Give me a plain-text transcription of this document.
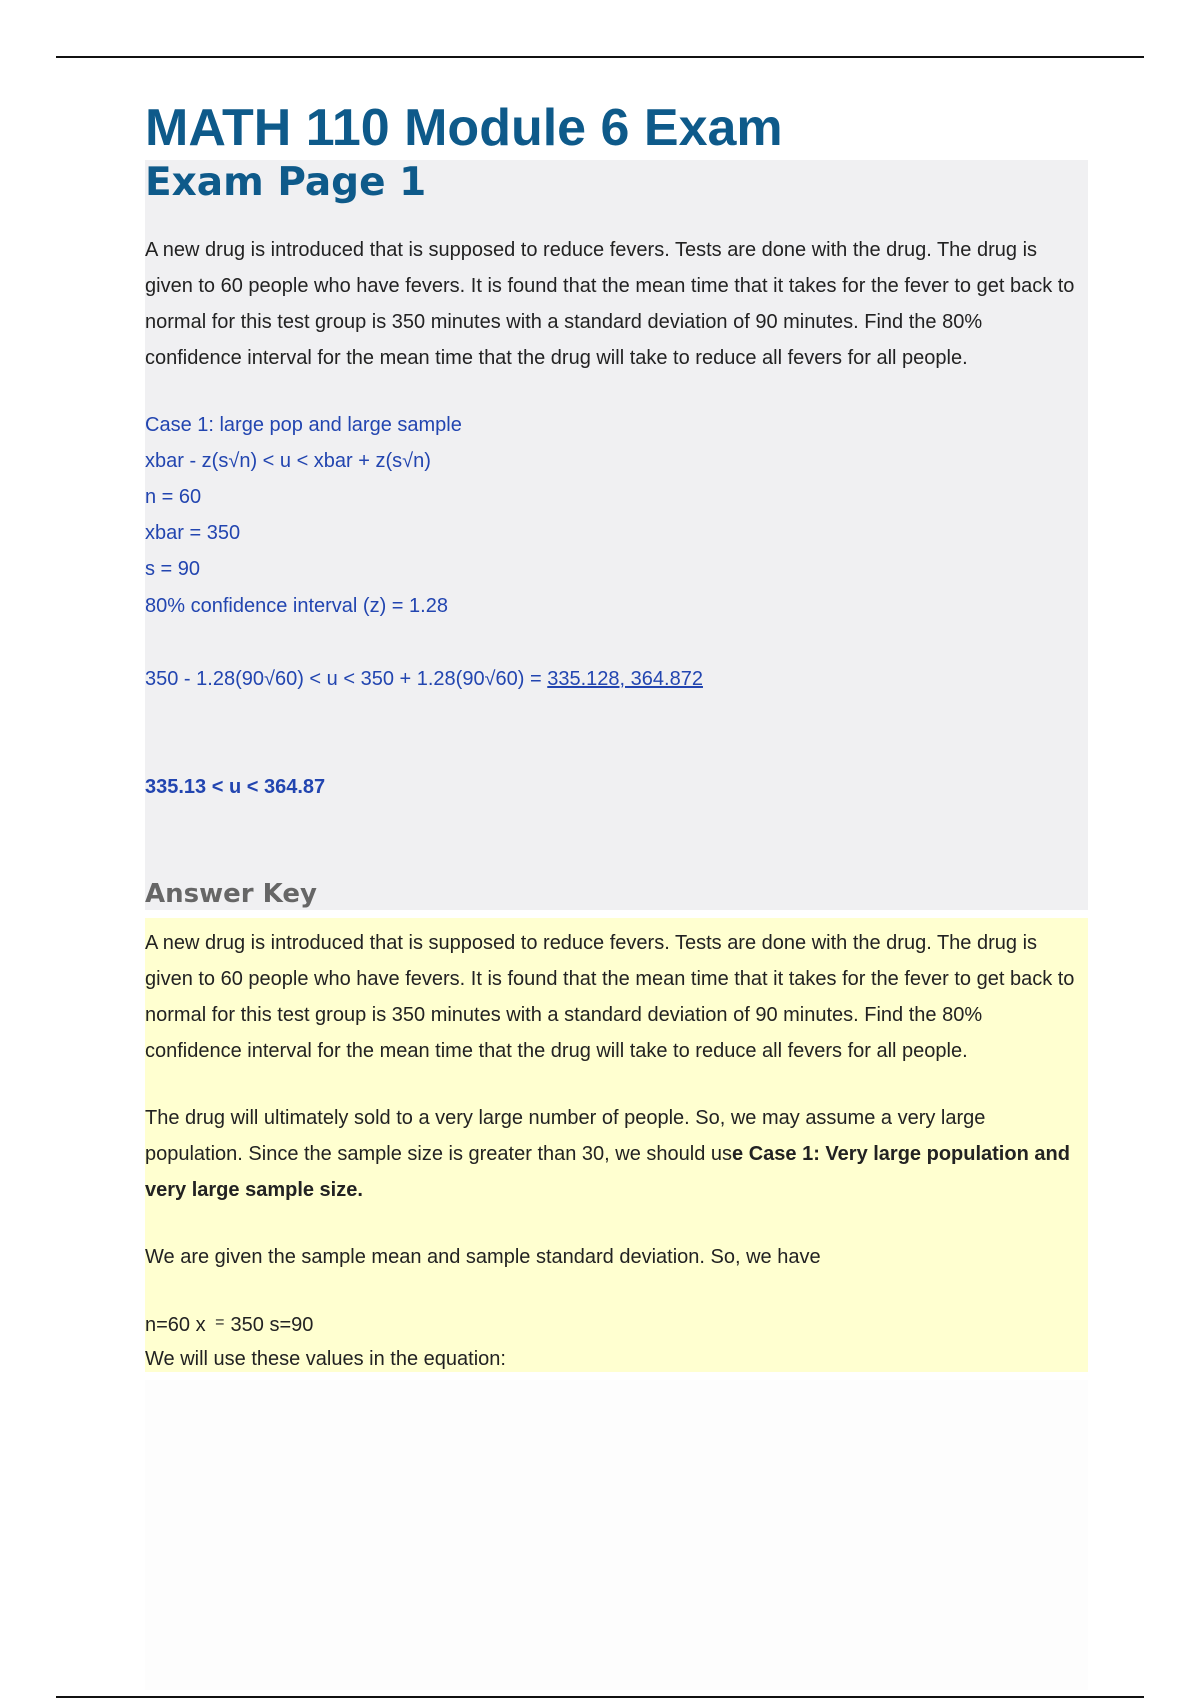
MATH 110 Module 6 Exam
Exam Page 1

A new drug is introduced that is supposed to reduce fevers. Tests are done with the drug. The drug is given to 60 people who have fevers. It is found that the mean time that it takes for the fever to get back to normal for this test group is 350 minutes with a standard deviation of 90 minutes. Find the 80% confidence interval for the mean time that the drug will take to reduce all fevers for all people.

Case 1: large pop and large sample

xbar - z(s√n) < u < xbar + z(s√n)

n = 60

xbar = 350

s = 90

80% confidence interval (z) = 1.28

350 - 1.28(90√60) < u < 350 + 1.28(90√60) = 335.128, 364.872

335.13 < u < 364.87

Answer Key

A new drug is introduced that is supposed to reduce fevers. Tests are done with the drug. The drug is given to 60 people who have fevers. It is found that the mean time that it takes for the fever to get back to normal for this test group is 350 minutes with a standard deviation of 90 minutes. Find the 80% confidence interval for the mean time that the drug will take to reduce all fevers for all people.

The drug will ultimately sold to a very large number of people. So, we may assume a very large population. Since the sample size is greater than 30, we should use Case 1: Very large population and very large sample size.

We are given the sample mean and sample standard deviation. So, we have

n=60 x = 350 s=90

We will use these values in the equation:
